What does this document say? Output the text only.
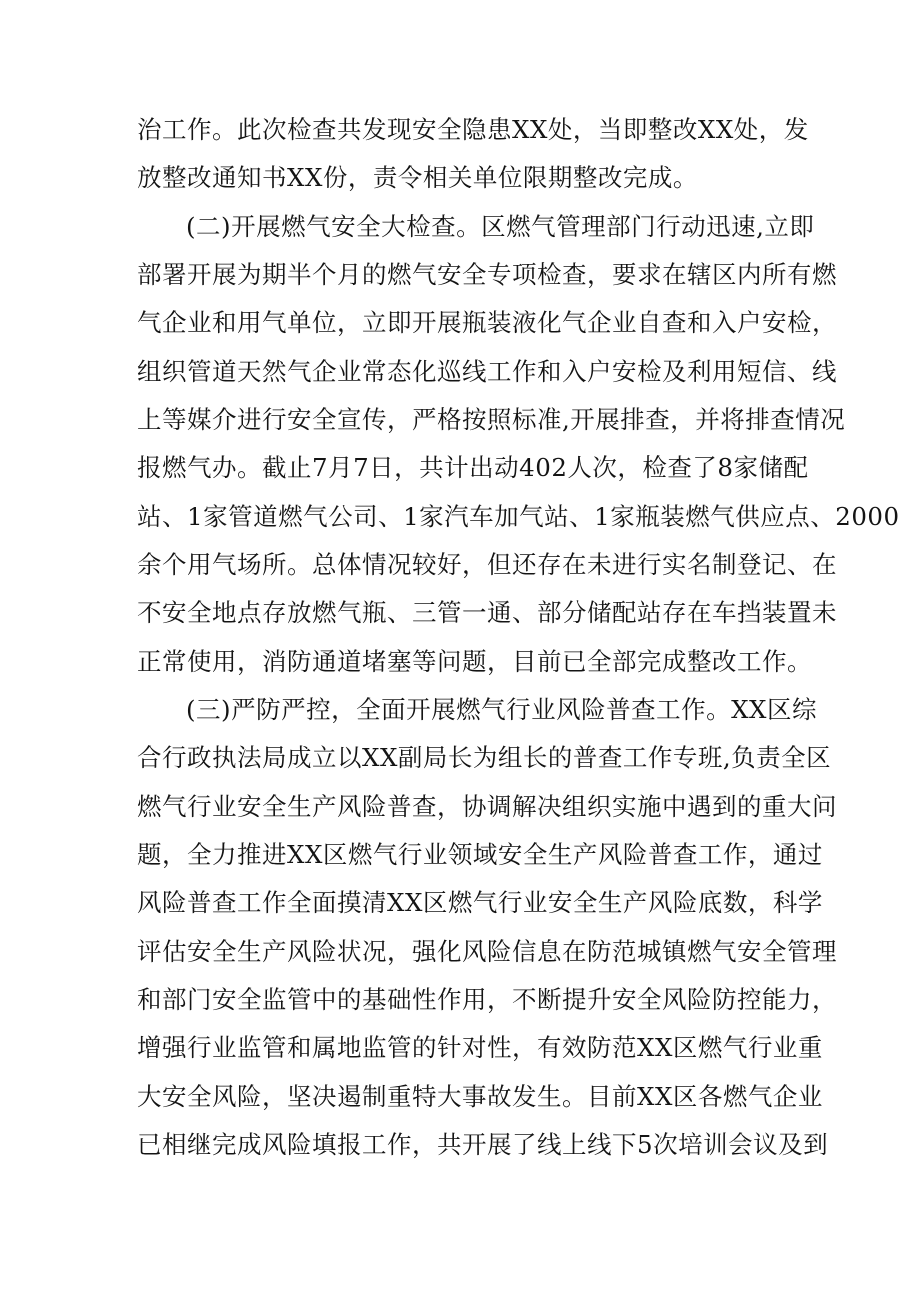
治工作。此次检查共发现安全隐患XX处，当即整改XX处，发
放整改通知书XX份，责令相关单位限期整改完成。
(二)开展燃气安全大检查。区燃气管理部门行动迅速,立即
部署开展为期半个月的燃气安全专项检查，要求在辖区内所有燃
气企业和用气单位，立即开展瓶装液化气企业自查和入户安检，
组织管道天然气企业常态化巡线工作和入户安检及利用短信、线
上等媒介进行安全宣传，严格按照标准,开展排查，并将排查情况
报燃气办。截止7月7日，共计出动402人次，检查了8家储配
站、1家管道燃气公司、1家汽车加气站、1家瓶装燃气供应点、2000
余个用气场所。总体情况较好，但还存在未进行实名制登记、在
不安全地点存放燃气瓶、三管一通、部分储配站存在车挡装置未
正常使用，消防通道堵塞等问题，目前已全部完成整改工作。
(三)严防严控，全面开展燃气行业风险普查工作。XX区综
合行政执法局成立以XX副局长为组长的普查工作专班,负责全区
燃气行业安全生产风险普查，协调解决组织实施中遇到的重大问
题，全力推进XX区燃气行业领域安全生产风险普查工作，通过
风险普查工作全面摸清XX区燃气行业安全生产风险底数，科学
评估安全生产风险状况，强化风险信息在防范城镇燃气安全管理
和部门安全监管中的基础性作用，不断提升安全风险防控能力，
增强行业监管和属地监管的针对性，有效防范XX区燃气行业重
大安全风险，坚决遏制重特大事故发生。目前XX区各燃气企业
已相继完成风险填报工作，共开展了线上线下5次培训会议及到
